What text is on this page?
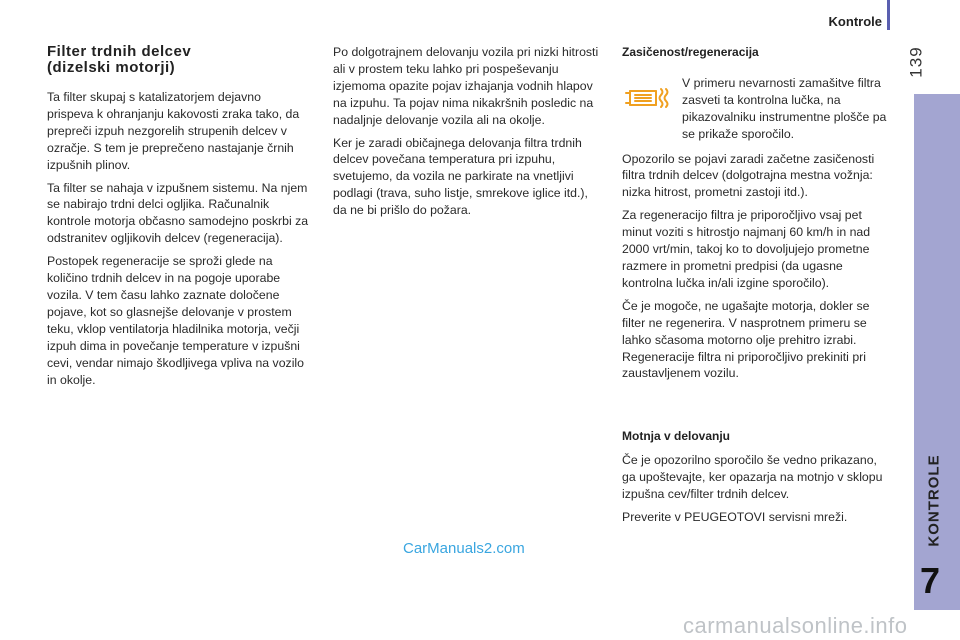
Kontrole
139
KONTROLE
7
Filter trdnih delcev
(dizelski motorji)

Ta filter skupaj s katalizatorjem dejavno prispeva k ohranjanju kakovosti zraka tako, da prepreči izpuh nezgorelih strupenih delcev v ozračje. S tem je preprečeno nastajanje črnih izpušnih plinov.

Ta filter se nahaja v izpušnem sistemu. Na njem se nabirajo trdni delci ogljika. Računalnik kontrole motorja občasno samodejno poskrbi za odstranitev ogljikovih delcev (regeneracija).

Postopek regeneracije se sproži glede na količino trdnih delcev in na pogoje uporabe vozila. V tem času lahko zaznate določene pojave, kot so glasnejše delovanje v prostem teku, vklop ventilatorja hladilnika motorja, večji izpuh dima in povečanje temperature v izpušni cevi, vendar nimajo škodljivega vpliva na vozilo in okolje.

Po dolgotrajnem delovanju vozila pri nizki hitrosti ali v prostem teku lahko pri pospeševanju izjemoma opazite pojav izhajanja vodnih hlapov na izpuhu. Ta pojav nima nikakršnih posledic na nadaljnje delovanje vozila ali na okolje.

Ker je zaradi običajnega delovanja filtra trdnih delcev povečana temperatura pri izpuhu, svetujemo, da vozila ne parkirate na vnetljivi podlagi (trava, suho listje, smrekove iglice itd.), da ne bi prišlo do požara.

Zasičenost/regeneracija
V primeru nevarnosti zamašitve filtra zasveti ta kontrolna lučka, na pikazovalniku instrumentne plošče pa se prikaže sporočilo.

Opozorilo se pojavi zaradi začetne zasičenosti filtra trdnih delcev (dolgotrajna mestna vožnja: nizka hitrost, prometni zastoji itd.).

Za regeneracijo filtra je priporočljivo vsaj pet minut voziti s hitrostjo najmanj 60 km/h in nad 2000 vrt/min, takoj ko to dovoljujejo prometne razmere in prometni predpisi (da ugasne kontrolna lučka in/ali izgine sporočilo).

Če je mogoče, ne ugašajte motorja, dokler se filter ne regenerira. V nasprotnem primeru se lahko sčasoma motorno olje prehitro izrabi. Regeneracije filtra ni priporočljivo prekiniti pri zaustavljenem vozilu.

Motnja v delovanju

Če je opozorilno sporočilo še vedno prikazano, ga upoštevajte, ker opazarja na motnjo v sklopu izpušna cev/filter trdnih delcev.

Preverite v PEUGEOTOVI servisni mreži.

CarManuals2.com
carmanualsonline.info
